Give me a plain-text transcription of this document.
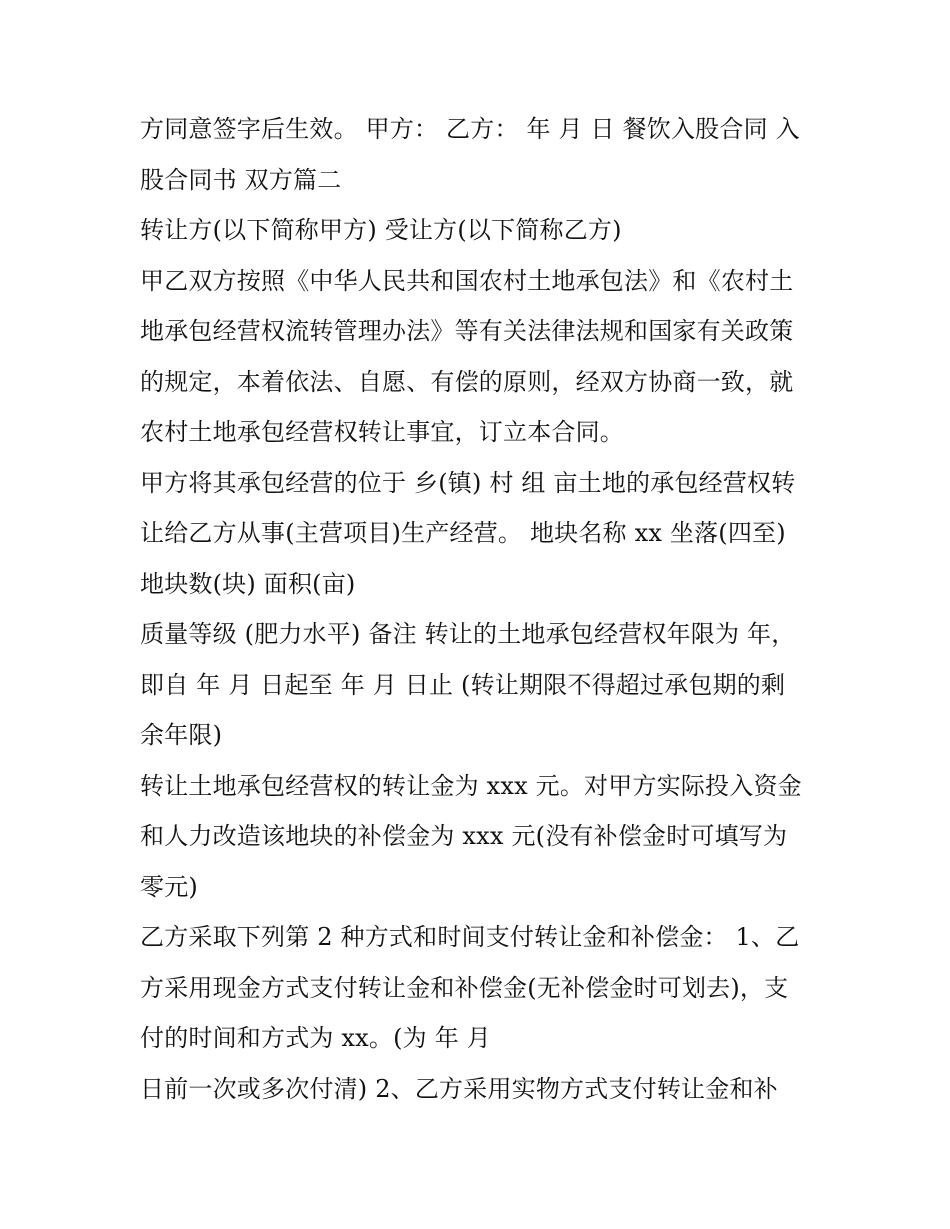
方同意签字后生效。 甲方： 乙方： 年 月 日 餐饮入股合同 入

股合同书 双方篇二

转让方(以下简称甲方) 受让方(以下简称乙方)

甲乙双方按照《中华人民共和国农村土地承包法》和《农村土

地承包经营权流转管理办法》等有关法律法规和国家有关政策

的规定，本着依法、自愿、有偿的原则，经双方协商一致，就

农村土地承包经营权转让事宜，订立本合同。

甲方将其承包经营的位于 乡(镇) 村 组 亩土地的承包经营权转

让给乙方从事(主营项目)生产经营。 地块名称 xx 坐落(四至)

地块数(块) 面积(亩)

质量等级 (肥力水平) 备注 转让的土地承包经营权年限为 年，

即自 年 月 日起至 年 月 日止 (转让期限不得超过承包期的剩

余年限)

转让土地承包经营权的转让金为 xxx 元。对甲方实际投入资金

和人力改造该地块的补偿金为 xxx 元(没有补偿金时可填写为

零元)

乙方采取下列第 2 种方式和时间支付转让金和补偿金： 1、乙

方采用现金方式支付转让金和补偿金(无补偿金时可划去)，支

付的时间和方式为 xx。(为 年 月

日前一次或多次付清) 2、乙方采用实物方式支付转让金和补
